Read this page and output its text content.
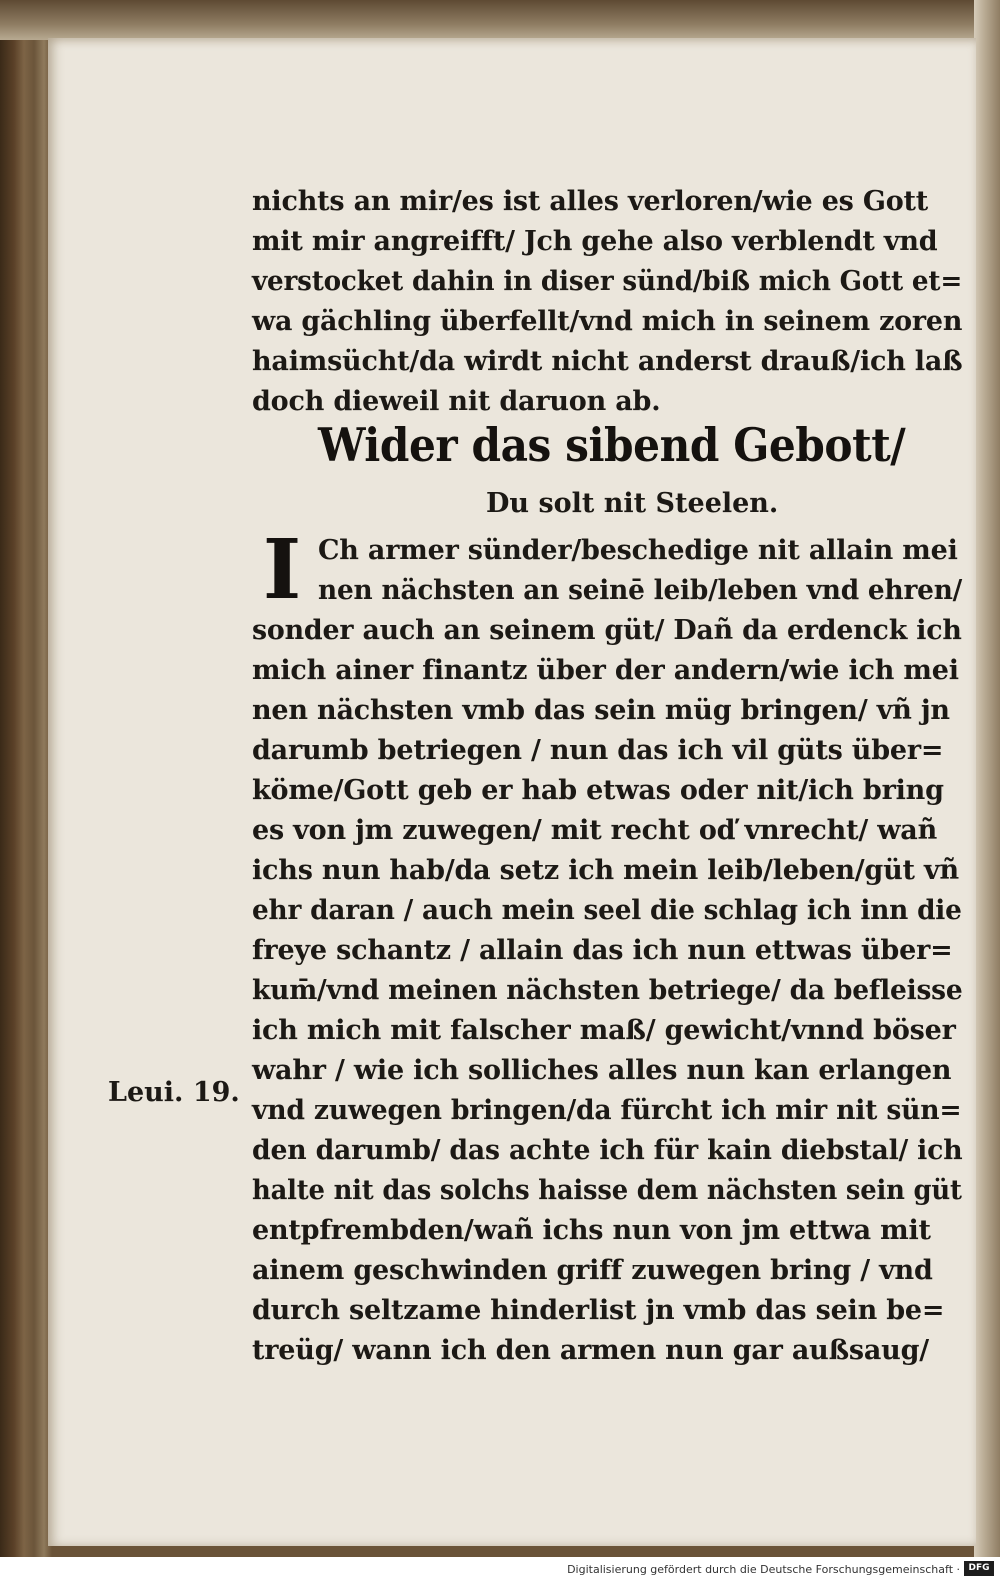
nichts an mir/es ist alles verloren/wie es Gott
mit mir angreifft/ Jch gehe also verblendt vnd
verstocket dahin in diser sünd/biß mich Gott et=
wa gächling überfellt/vnd mich in seinem zoren
haimsücht/da wirdt nicht anderst drauß/ich laß
doch dieweil nit daruon ab.
Wider das sibend Gebott/
Du solt nit Steelen.
I Ch armer sünder/beschedige nit allain mei
nen nächsten an seinē leib/leben vnd ehren/
sonder auch an seinem güt/ Dañ da erdenck ich
mich ainer finantz über der andern/wie ich mei
nen nächsten vmb das sein müg bringen/ vñ jn
darumb betriegen / nun das ich vil güts über=
köme/Gott geb er hab etwas oder nit/ich bring
es von jm zuwegen/ mit recht oď vnrecht/ wañ
ichs nun hab/da setz ich mein leib/leben/güt vñ
ehr daran / auch mein seel die schlag ich inn die
freye schantz / allain das ich nun ettwas über=
kum̄/vnd meinen nächsten betriege/ da befleisse
ich mich mit falscher maß/ gewicht/vnnd böser
wahr / wie ich solliches alles nun kan erlangen
vnd zuwegen bringen/da fürcht ich mir nit sün=
den darumb/ das achte ich für kain diebstal/ ich
halte nit das solchs haisse dem nächsten sein güt
entpfrembden/wañ ichs nun von jm ettwa mit
ainem geschwinden griff zuwegen bring / vnd
durch seltzame hinderlist jn vmb das sein be=
treüg/ wann ich den armen nun gar außsaug/
Leui. 19.
Digitalisierung gefördert durch die Deutsche Forschungsgemeinschaft · DFG
